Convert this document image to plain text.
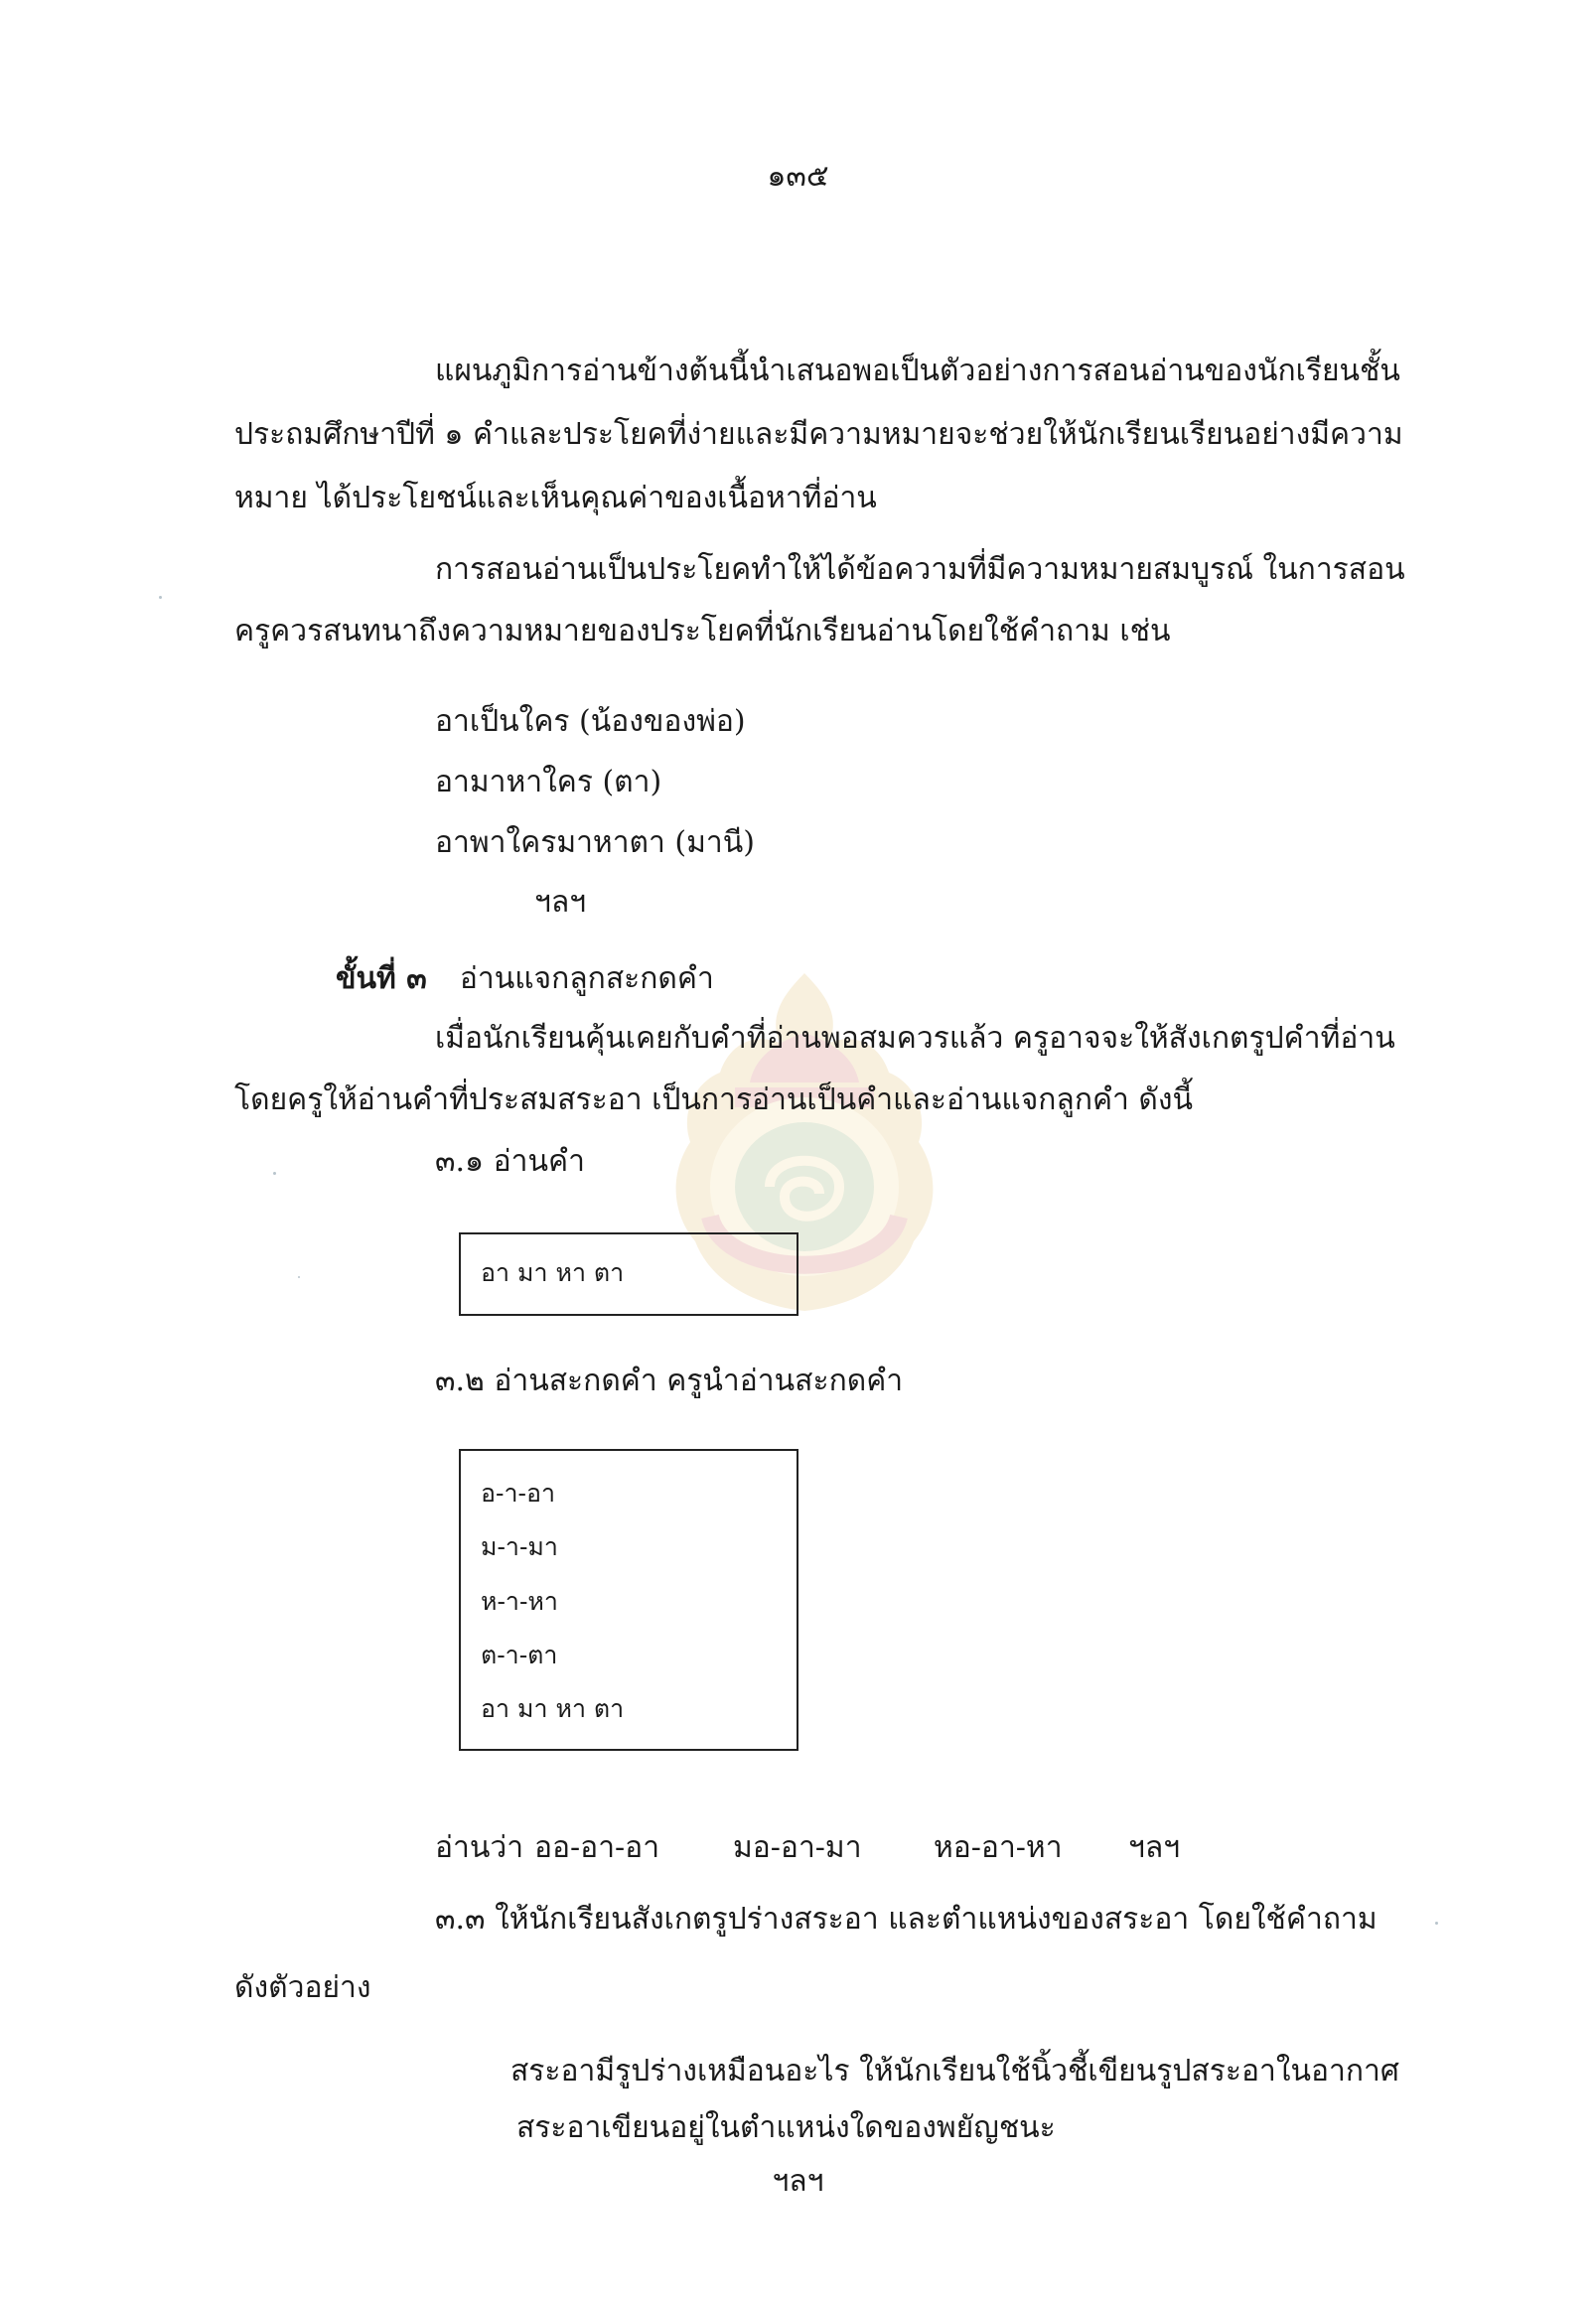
๑๓๕
แผนภูมิการอ่านข้างต้นนี้นำเสนอพอเป็นตัวอย่างการสอนอ่านของนักเรียนชั้น
ประถมศึกษาปีที่ ๑ คำและประโยคที่ง่ายและมีความหมายจะช่วยให้นักเรียนเรียนอย่างมีความ
หมาย ได้ประโยชน์และเห็นคุณค่าของเนื้อหาที่อ่าน
การสอนอ่านเป็นประโยคทำให้ได้ข้อความที่มีความหมายสมบูรณ์ ในการสอน
ครูควรสนทนาถึงความหมายของประโยคที่นักเรียนอ่านโดยใช้คำถาม เช่น
อาเป็นใคร (น้องของพ่อ)
อามาหาใคร (ตา)
อาพาใครมาหาตา (มานี)
ฯลฯ
ขั้นที่ ๓ อ่านแจกลูกสะกดคำ
เมื่อนักเรียนคุ้นเคยกับคำที่อ่านพอสมควรแล้ว ครูอาจจะให้สังเกตรูปคำที่อ่าน
โดยครูให้อ่านคำที่ประสมสระอา เป็นการอ่านเป็นคำและอ่านแจกลูกคำ ดังนี้
๓.๑ อ่านคำ
อา มา หา ตา
๓.๒ อ่านสะกดคำ ครูนำอ่านสะกดคำ
อ-า-อา
ม-า-มา
ห-า-หา
ต-า-ตา
อา มา หา ตา
อ่านว่า ออ-อา-อา มอ-อา-มา หอ-อา-หา ฯลฯ
๓.๓ ให้นักเรียนสังเกตรูปร่างสระอา และตำแหน่งของสระอา โดยใช้คำถาม
ดังตัวอย่าง
สระอามีรูปร่างเหมือนอะไร ให้นักเรียนใช้นิ้วชี้เขียนรูปสระอาในอากาศ
สระอาเขียนอยู่ในตำแหน่งใดของพยัญชนะ
ฯลฯ
